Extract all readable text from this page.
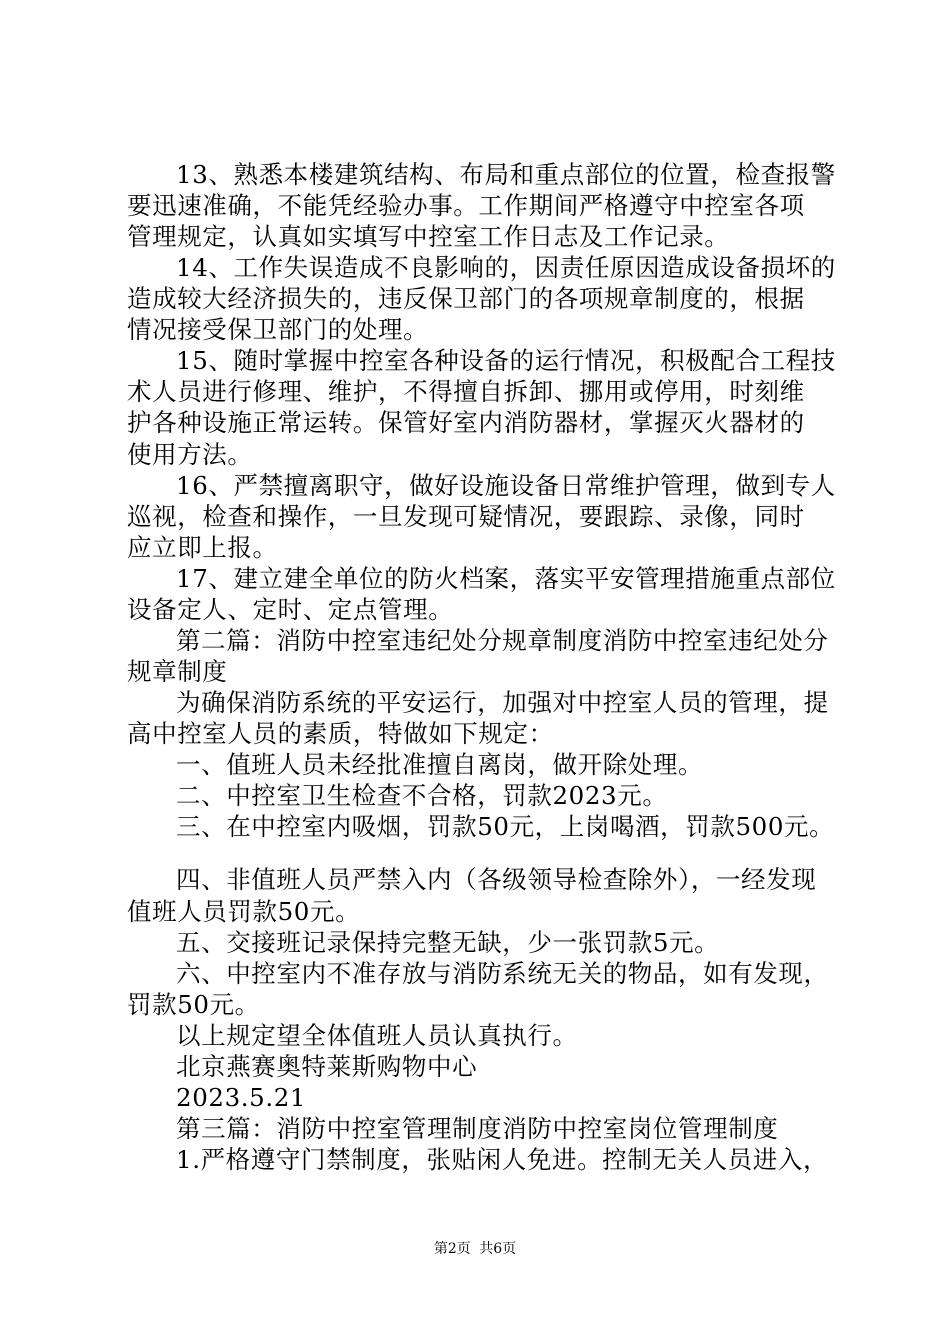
13、熟悉本楼建筑结构、布局和重点部位的位置，检查报警
要迅速准确，不能凭经验办事。工作期间严格遵守中控室各项
管理规定，认真如实填写中控室工作日志及工作记录。
14、工作失误造成不良影响的，因责任原因造成设备损坏的
造成较大经济损失的，违反保卫部门的各项规章制度的，根据
情况接受保卫部门的处理。
15、随时掌握中控室各种设备的运行情况，积极配合工程技
术人员进行修理、维护，不得擅自拆卸、挪用或停用，时刻维
护各种设施正常运转。保管好室内消防器材，掌握灭火器材的
使用方法。
16、严禁擅离职守，做好设施设备日常维护管理，做到专人
巡视，检查和操作，一旦发现可疑情况，要跟踪、录像，同时
应立即上报。
17、建立建全单位的防火档案，落实平安管理措施重点部位
设备定人、定时、定点管理。
第二篇：消防中控室违纪处分规章制度消防中控室违纪处分
规章制度
为确保消防系统的平安运行，加强对中控室人员的管理，提
高中控室人员的素质，特做如下规定：
一、值班人员未经批准擅自离岗，做开除处理。
二、中控室卫生检查不合格，罚款2023元。
三、在中控室内吸烟，罚款50元，上岗喝酒，罚款500元。
四、非值班人员严禁入内（各级领导检查除外），一经发现
值班人员罚款50元。
五、交接班记录保持完整无缺，少一张罚款5元。
六、中控室内不准存放与消防系统无关的物品，如有发现，
罚款50元。
以上规定望全体值班人员认真执行。
北京燕赛奥特莱斯购物中心
2023.5.21
第三篇：消防中控室管理制度消防中控室岗位管理制度
1.严格遵守门禁制度，张贴闲人免进。控制无关人员进入，
第2页 共6页
